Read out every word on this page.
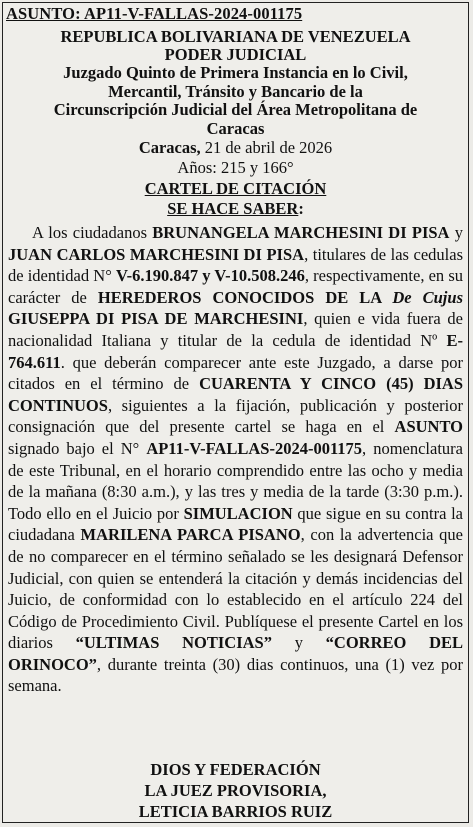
ASUNTO: AP11-V-FALLAS-2024-001175
REPUBLICA BOLIVARIANA DE VENEZUELA
PODER JUDICIAL
Juzgado Quinto de Primera Instancia en lo Civil,
Mercantil, Tránsito y Bancario de la
Circunscripción Judicial del Área Metropolitana de
Caracas
Caracas, 21 de abril de 2026
Años: 215 y 166°
CARTEL DE CITACIÓN
SE HACE SABER:
A los ciudadanos BRUNANGELA MARCHESINI DI PISA y JUAN CARLOS MARCHESINI DI PISA, titulares de las cedulas de identidad N° V-6.190.847 y V-10.508.246, respectivamente, en su carácter de HEREDEROS CONOCIDOS DE LA De Cujus GIUSEPPA DI PISA DE MARCHESINI, quien e vida fuera de nacionalidad Italiana y titular de la cedula de identidad Nº E-764.611. que deberán comparecer ante este Juzgado, a darse por citados en el término de CUARENTA Y CINCO (45) DIAS CONTINUOS, siguientes a la fijación, publicación y posterior consignación que del presente cartel se haga en el ASUNTO signado bajo el N° AP11-V-FALLAS-2024-001175, nomenclatura de este Tribunal, en el horario comprendido entre las ocho y media de la mañana (8:30 a.m.), y las tres y media de la tarde (3:30 p.m.). Todo ello en el Juicio por SIMULACION que sigue en su contra la ciudadana MARILENA PARCA PISANO, con la advertencia que de no comparecer en el término señalado se les designará Defensor Judicial, con quien se entenderá la citación y demás incidencias del Juicio, de conformidad con lo establecido en el artículo 224 del Código de Procedimiento Civil. Publíquese el presente Cartel en los diarios “ULTIMAS NOTICIAS” y “CORREO DEL ORINOCO”, durante treinta (30) dias continuos, una (1) vez por semana.
DIOS Y FEDERACIÓN
LA JUEZ PROVISORIA,
LETICIA BARRIOS RUIZ
